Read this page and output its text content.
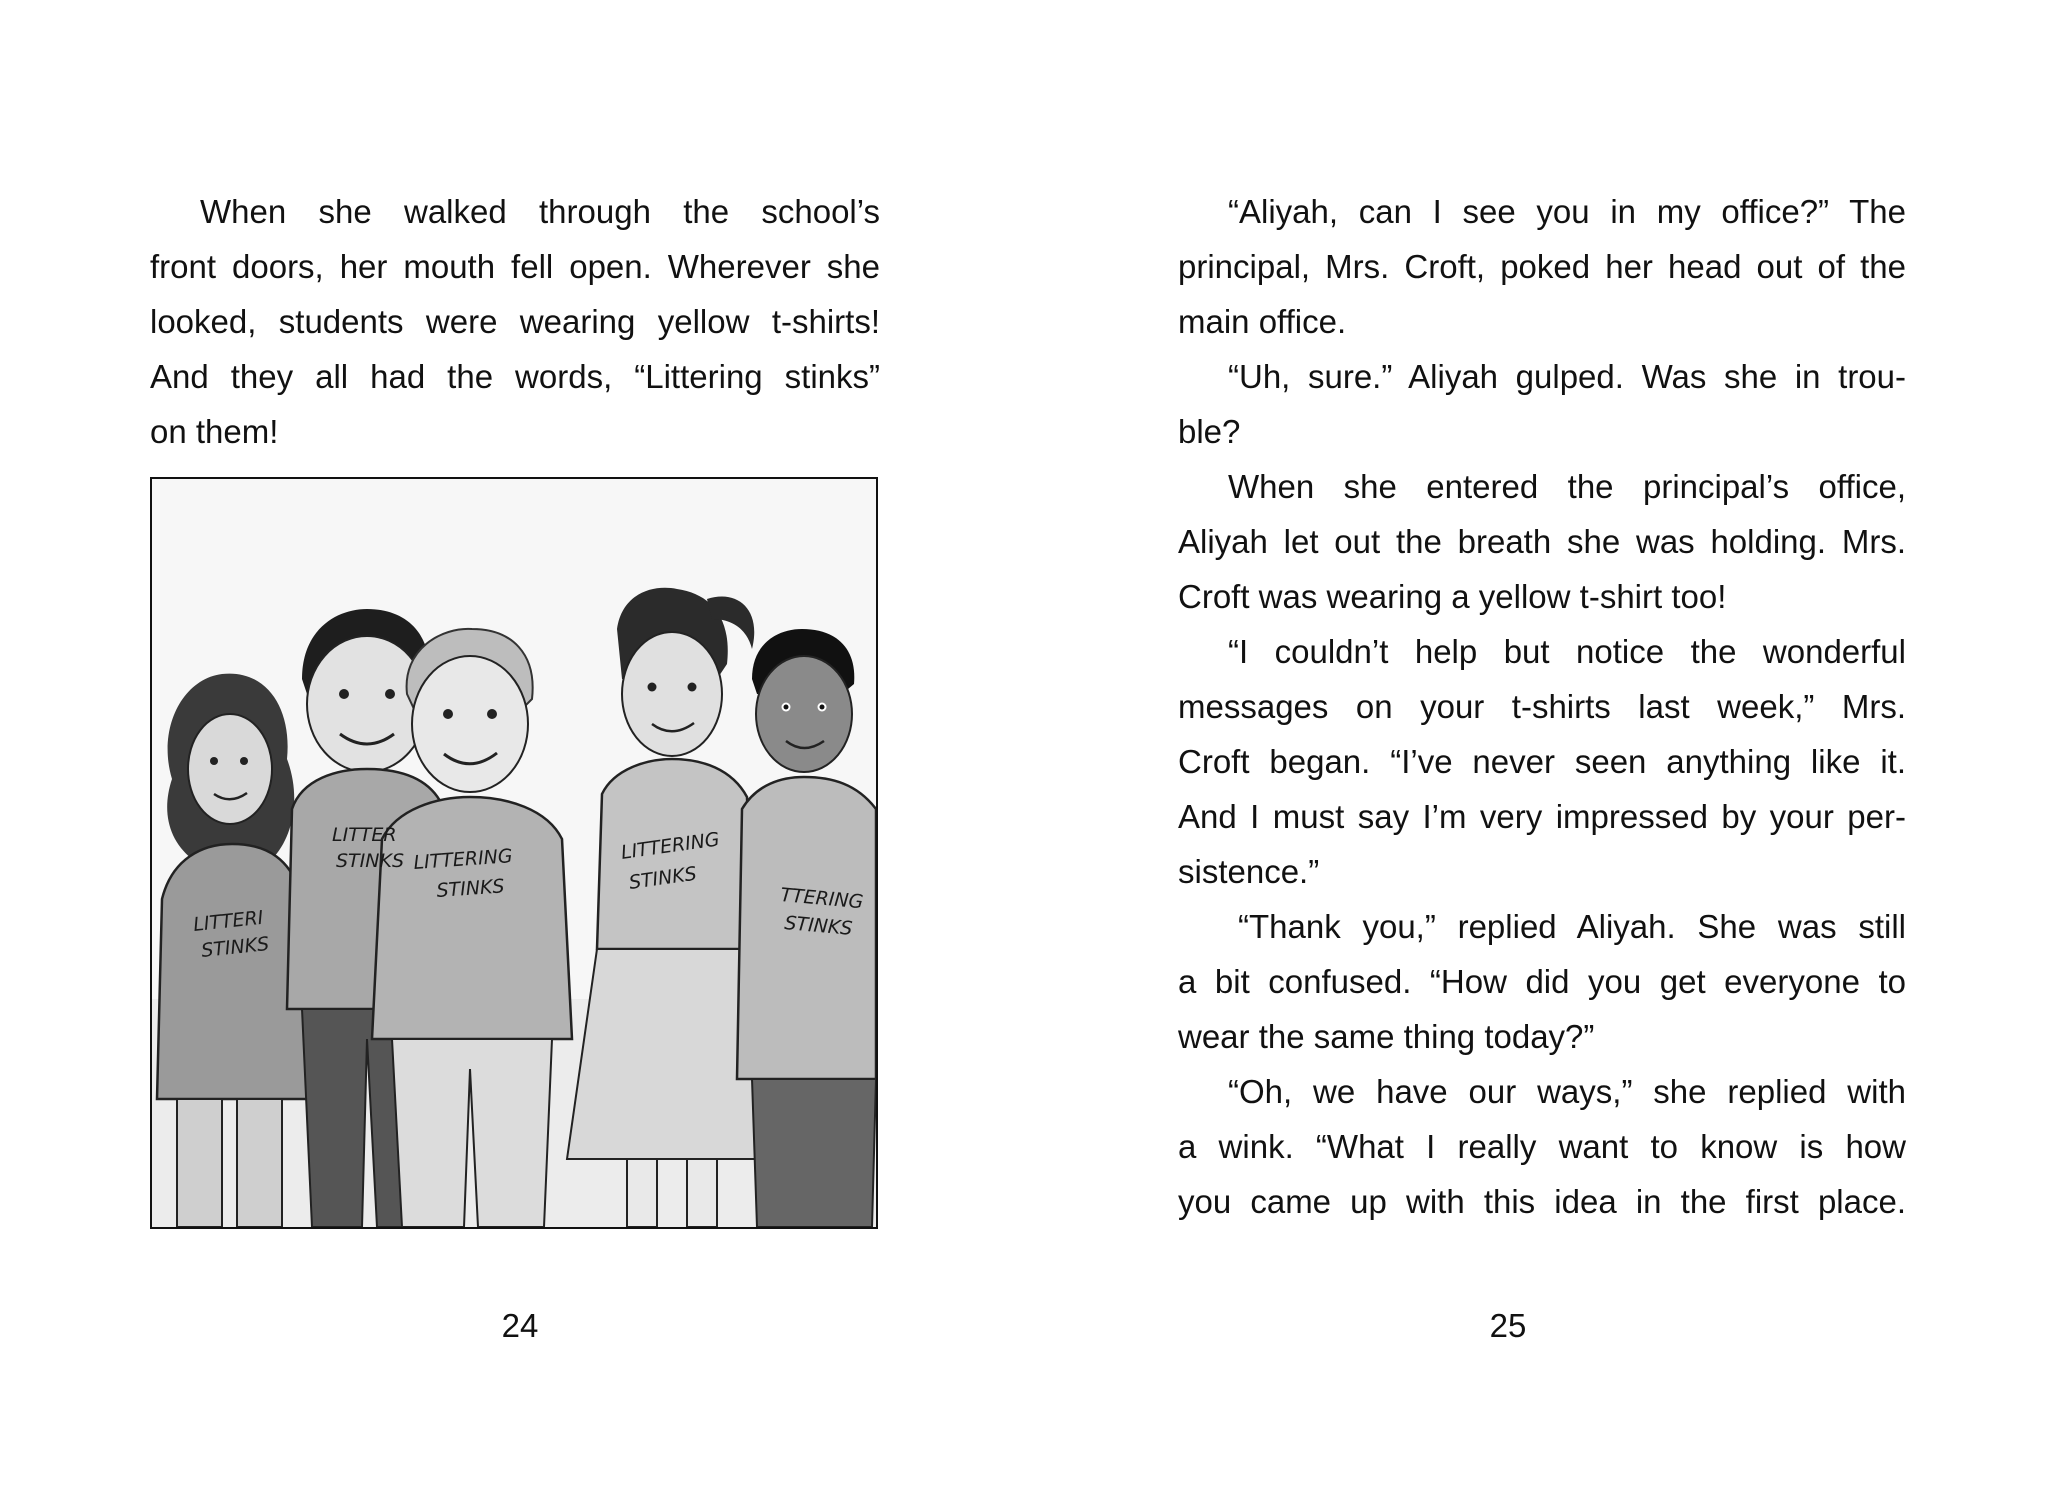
When she walked through the school’s
front doors, her mouth fell open. Wherever she
looked, students were wearing yellow t-shirts!
And they all had the words, “Littering stinks”
on them!
LITTERI
STINKS
LITTER
STINKS LITTERING
STINKS
LITTERING
STINKS
TTERING
STINKS
24
“Aliyah, can I see you in my office?” The
principal, Mrs. Croft, poked her head out of the
main office.
“Uh, sure.” Aliyah gulped. Was she in trou-
ble?
When she entered the principal’s office,
Aliyah let out the breath she was holding. Mrs.
Croft was wearing a yellow t-shirt too!
“I couldn’t help but notice the wonderful
messages on your t-shirts last week,” Mrs.
Croft began. “I’ve never seen anything like it.
And I must say I’m very impressed by your per-
sistence.”
“Thank you,” replied Aliyah. She was still
a bit confused. “How did you get everyone to
wear the same thing today?”
“Oh, we have our ways,” she replied with
a wink. “What I really want to know is how
you came up with this idea in the first place.
25
